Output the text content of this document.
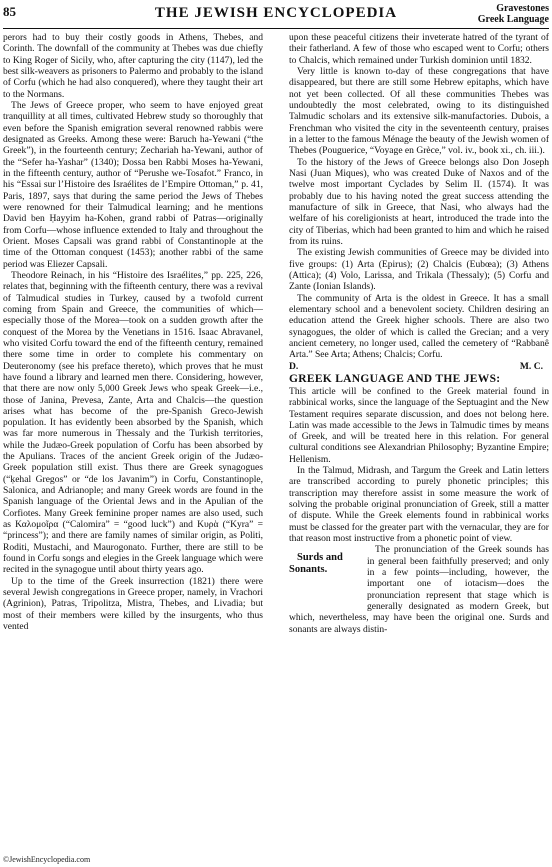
85	THE JEWISH ENCYCLOPEDIA	Gravestones
Greek Language

perors had to buy their costly goods in Athens, Thebes, and Corinth. The downfall of the community at Thebes was due chiefly to King Roger of Sicily, who, after capturing the city (1147), led the best silk-weavers as prisoners to Palermo and probably to the island of Corfu (which he had also conquered), where they taught their art to the Normans.

The Jews of Greece proper, who seem to have enjoyed great tranquillity at all times, cultivated Hebrew study so thoroughly that even before the Spanish emigration several renowned rabbis were designated as Greeks. Among these were: Baruch ha-Yewani (“the Greek”), in the fourteenth century; Zechariah ha-Yewani, author of the “Sefer ha-Yashar” (1340); Dossa ben Rabbi Moses ha-Yewani, in the fifteenth century, author of “Perushe we-Tosafot.” Franco, in his “Essai sur l’Histoire des Israélites de l’Empire Ottoman,” p. 41, Paris, 1897, says that during the same period the Jews of Thebes were renowned for their Talmudical learning; and he mentions David ben Ḥayyim ha-Kohen, grand rabbi of Patras—originally from Corfu—whose influence extended to Italy and throughout the Orient. Moses Capsali was grand rabbi of Constantinople at the time of the Ottoman conquest (1453); another rabbi of the same period was Eliezer Capsali.

Theodore Reinach, in his “Histoire des Israélites,” pp. 225, 226, relates that, beginning with the fifteenth century, there was a revival of Talmudical studies in Turkey, caused by a twofold current coming from Spain and Greece, the communities of which—especially those of the Morea—took on a sudden growth after the conquest of the Morea by the Venetians in 1516. Isaac Abravanel, who visited Corfu toward the end of the fifteenth century, remained there some time in order to complete his commentary on Deuteronomy (see his preface thereto), which proves that he must have found a library and learned men there. Considering, however, that there are now only 5,000 Greek Jews who speak Greek—i.e., those of Janina, Prevesa, Zante, Arta and Chalcis—the question arises what has become of the pre-Spanish Greco-Jewish population. It has evidently been absorbed by the Spanish, which was far more numerous in Thessaly and the Turkish territories, while the Judæo-Greek population of Corfu has been absorbed by the Apulians. Traces of the ancient Greek origin of the Judæo-Greek population still exist. Thus there are Greek synagogues (“ḳehal Gregos” or “de los Javanim”) in Corfu, Constantinople, Salonica, and Adrianople; and many Greek words are found in the Spanish language of the Oriental Jews and in the Apulian of the Corfiotes. Many Greek feminine proper names are also used, such as Καλομοῖρα (“Calomira” = “good luck”) and Κυρὰ (“Kyra” = “princess”); and there are family names of similar origin, as Politi, Roditi, Mustachi, and Maurogonato. Further, there are still to be found in Corfu songs and elegies in the Greek language which were recited in the synagogue until about thirty years ago.

Up to the time of the Greek insurrection (1821) there were several Jewish congregations in Greece proper, namely, in Vrachori (Agrinion), Patras, Tripolitza, Mistra, Thebes, and Livadia; but most of their members were killed by the insurgents, who thus vented

upon these peaceful citizens their inveterate hatred of the tyrant of their fatherland. A few of those who escaped went to Corfu; others to Chalcis, which remained under Turkish dominion until 1832.

Very little is known to-day of these congregations that have disappeared, but there are still some Hebrew epitaphs, which have not yet been collected. Of all these communities Thebes was undoubtedly the most celebrated, owing to its distinguished Talmudic scholars and its extensive silk-manufactories. Dubois, a Frenchman who visited the city in the seventeenth century, praises in a letter to the famous Ménage the beauty of the Jewish women of Thebes (Pouguerice, “Voyage en Grèce,” vol. iv., book xi., ch. iii.).

To the history of the Jews of Greece belongs also Don Joseph Nasi (Juan Miques), who was created Duke of Naxos and of the twelve most important Cyclades by Selim II. (1574). It was probably due to his having noted the great success attending the manufacture of silk in Greece, that Nasi, who always had the welfare of his coreligionists at heart, introduced the trade into the city of Tiberias, which had been granted to him and which he raised from its ruins.

The existing Jewish communities of Greece may be divided into five groups: (1) Arta (Epirus); (2) Chalcis (Eubœa); (3) Athens (Attica); (4) Volo, Larissa, and Trikala (Thessaly); (5) Corfu and Zante (Ionian Islands).

The community of Arta is the oldest in Greece. It has a small elementary school and a benevolent society. Children desiring an education attend the Greek higher schools. There are also two synagogues, the older of which is called the Grecian; and a very ancient cemetery, no longer used, called the cemetery of “Rabbanê Arta.” See Arta; Athens; Chalcis; Corfu.

D.	M. C.
GREEK LANGUAGE AND THE JEWS:

This article will be confined to the Greek material found in rabbinical works, since the language of the Septuagint and the New Testament requires separate discussion, and does not belong here. Latin was made accessible to the Jews in Talmudic times by means of Greek, and will be treated here in this relation. For general cultural conditions see Alexandrian Philosophy; Byzantine Empire; Hellenism.

In the Talmud, Midrash, and Targum the Greek and Latin letters are transcribed according to purely phonetic principles; this transcription may therefore assist in some measure the work of solving the probable original pronunciation of Greek, still a matter of dispute. While the Greek elements found in rabbinical works must be classed for the greater part with the vernacular, they are for that reason most instructive from a phonetic point of view.

Surds and
Sonants.
The pronunciation of the Greek sounds has in general been faithfully preserved; and only in a few points—including, however, the important one of iotacism—does the pronunciation represent that stage which is generally designated as modern Greek, but which, nevertheless, may have been the original one. Surds and sonants are always distin-

©JewishEncyclopedia.com
